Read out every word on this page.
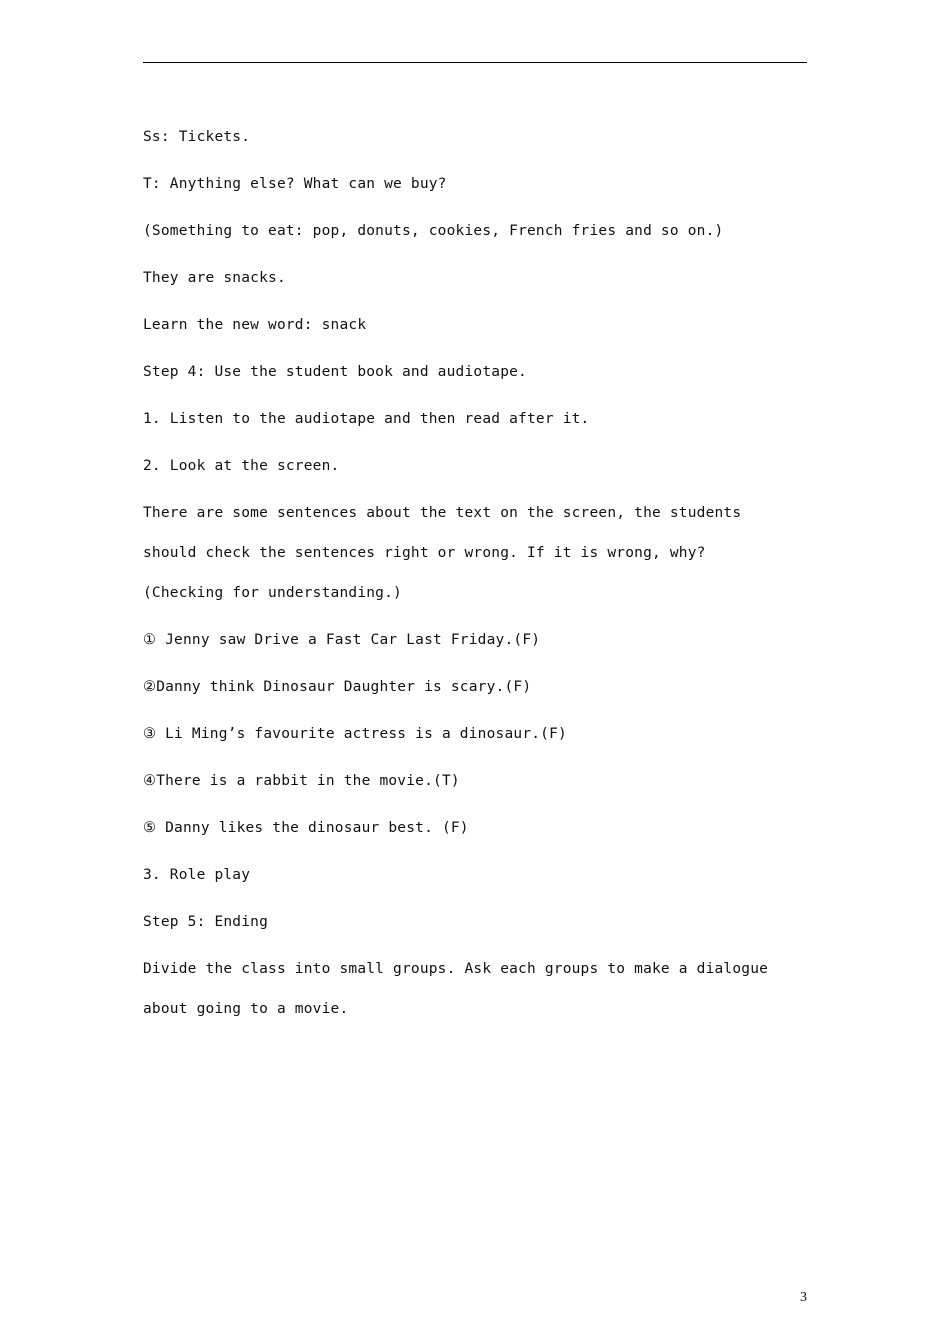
Ss: Tickets.

T: Anything else? What can we buy?

(Something to eat: pop, donuts, cookies, French fries and so on.)

They are snacks.

Learn the new word: snack

Step 4: Use the student book and audiotape.

1. Listen to the audiotape and then read after it.

2. Look at the screen.

There are some sentences about the text on the screen, the students should check the sentences right or wrong. If it is wrong, why?

(Checking for understanding.)

① Jenny saw Drive a Fast Car Last Friday.(F)

②Danny think Dinosaur Daughter is scary.(F)

③ Li Ming’s favourite actress is a dinosaur.(F)

④There is a rabbit in the movie.(T)

⑤ Danny likes the dinosaur best. (F)

3. Role play

Step 5: Ending

Divide the class into small groups. Ask each groups to make a dialogue about going to a movie.

3
